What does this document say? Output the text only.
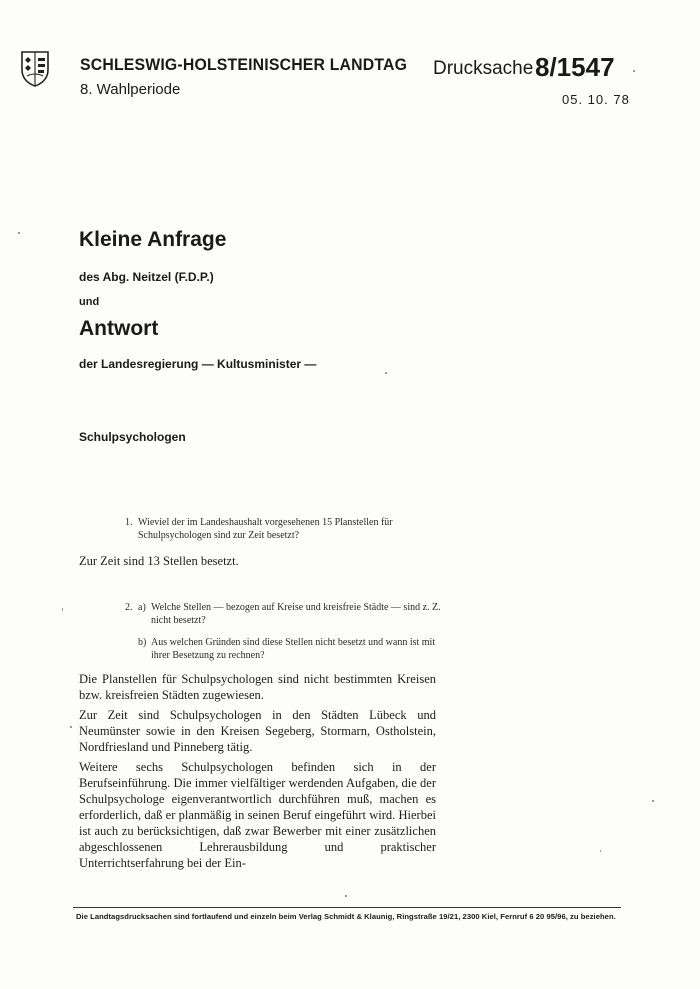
SCHLESWIG-HOLSTEINISCHER LANDTAG
8. Wahlperiode
Drucksache 8/1547
05. 10. 78
Kleine Anfrage
des Abg. Neitzel (F.D.P.)
und
Antwort
der Landesregierung — Kultusminister —
Schulpsychologen
1. Wieviel der im Landeshaushalt vorgesehenen 15 Planstellen für Schulpsychologen sind zur Zeit besetzt?
Zur Zeit sind 13 Stellen besetzt.
2. a) Welche Stellen — bezogen auf Kreise und kreisfreie Städte — sind z. Z. nicht besetzt?
b) Aus welchen Gründen sind diese Stellen nicht besetzt und wann ist mit ihrer Besetzung zu rechnen?

Die Planstellen für Schulpsychologen sind nicht bestimmten Kreisen bzw. kreisfreien Städten zugewiesen.

Zur Zeit sind Schulpsychologen in den Städten Lübeck und Neumünster sowie in den Kreisen Segeberg, Stormarn, Ostholstein, Nordfriesland und Pinneberg tätig.

Weitere sechs Schulpsychologen befinden sich in der Berufseinführung. Die immer vielfältiger werdenden Aufgaben, die der Schulpsychologe eigenverantwortlich durchführen muß, machen es erforderlich, daß er planmäßig in seinen Beruf eingeführt wird. Hierbei ist auch zu berücksichtigen, daß zwar Bewerber mit einer zusätzlichen abgeschlossenen Lehrerausbildung und praktischer Unterrichtserfahrung bei der Ein-

Die Landtagsdrucksachen sind fortlaufend und einzeln beim Verlag Schmidt & Klaunig, Ringstraße 19/21, 2300 Kiel, Fernruf 6 20 95/96, zu beziehen.
